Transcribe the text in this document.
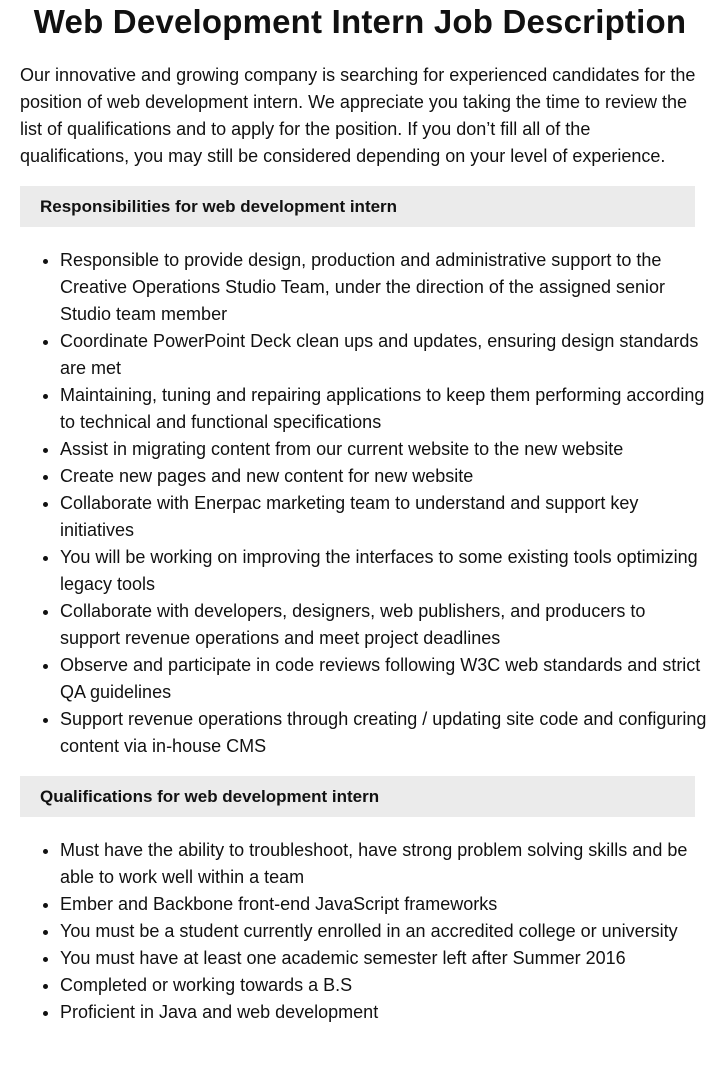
Web Development Intern Job Description

Our innovative and growing company is searching for experienced candidates for the position of web development intern. We appreciate you taking the time to review the list of qualifications and to apply for the position. If you don’t fill all of the qualifications, you may still be considered depending on your level of experience.

Responsibilities for web development intern
• Responsible to provide design, production and administrative support to the Creative Operations Studio Team, under the direction of the assigned senior Studio team member
• Coordinate PowerPoint Deck clean ups and updates, ensuring design standards are met
• Maintaining, tuning and repairing applications to keep them performing according to technical and functional specifications
• Assist in migrating content from our current website to the new website
• Create new pages and new content for new website
• Collaborate with Enerpac marketing team to understand and support key initiatives
• You will be working on improving the interfaces to some existing tools optimizing legacy tools
• Collaborate with developers, designers, web publishers, and producers to support revenue operations and meet project deadlines
• Observe and participate in code reviews following W3C web standards and strict QA guidelines
• Support revenue operations through creating / updating site code and configuring content via in-house CMS
Qualifications for web development intern
• Must have the ability to troubleshoot, have strong problem solving skills and be able to work well within a team
• Ember and Backbone front-end JavaScript frameworks
• You must be a student currently enrolled in an accredited college or university
• You must have at least one academic semester left after Summer 2016
• Completed or working towards a B.S
• Proficient in Java and web development
